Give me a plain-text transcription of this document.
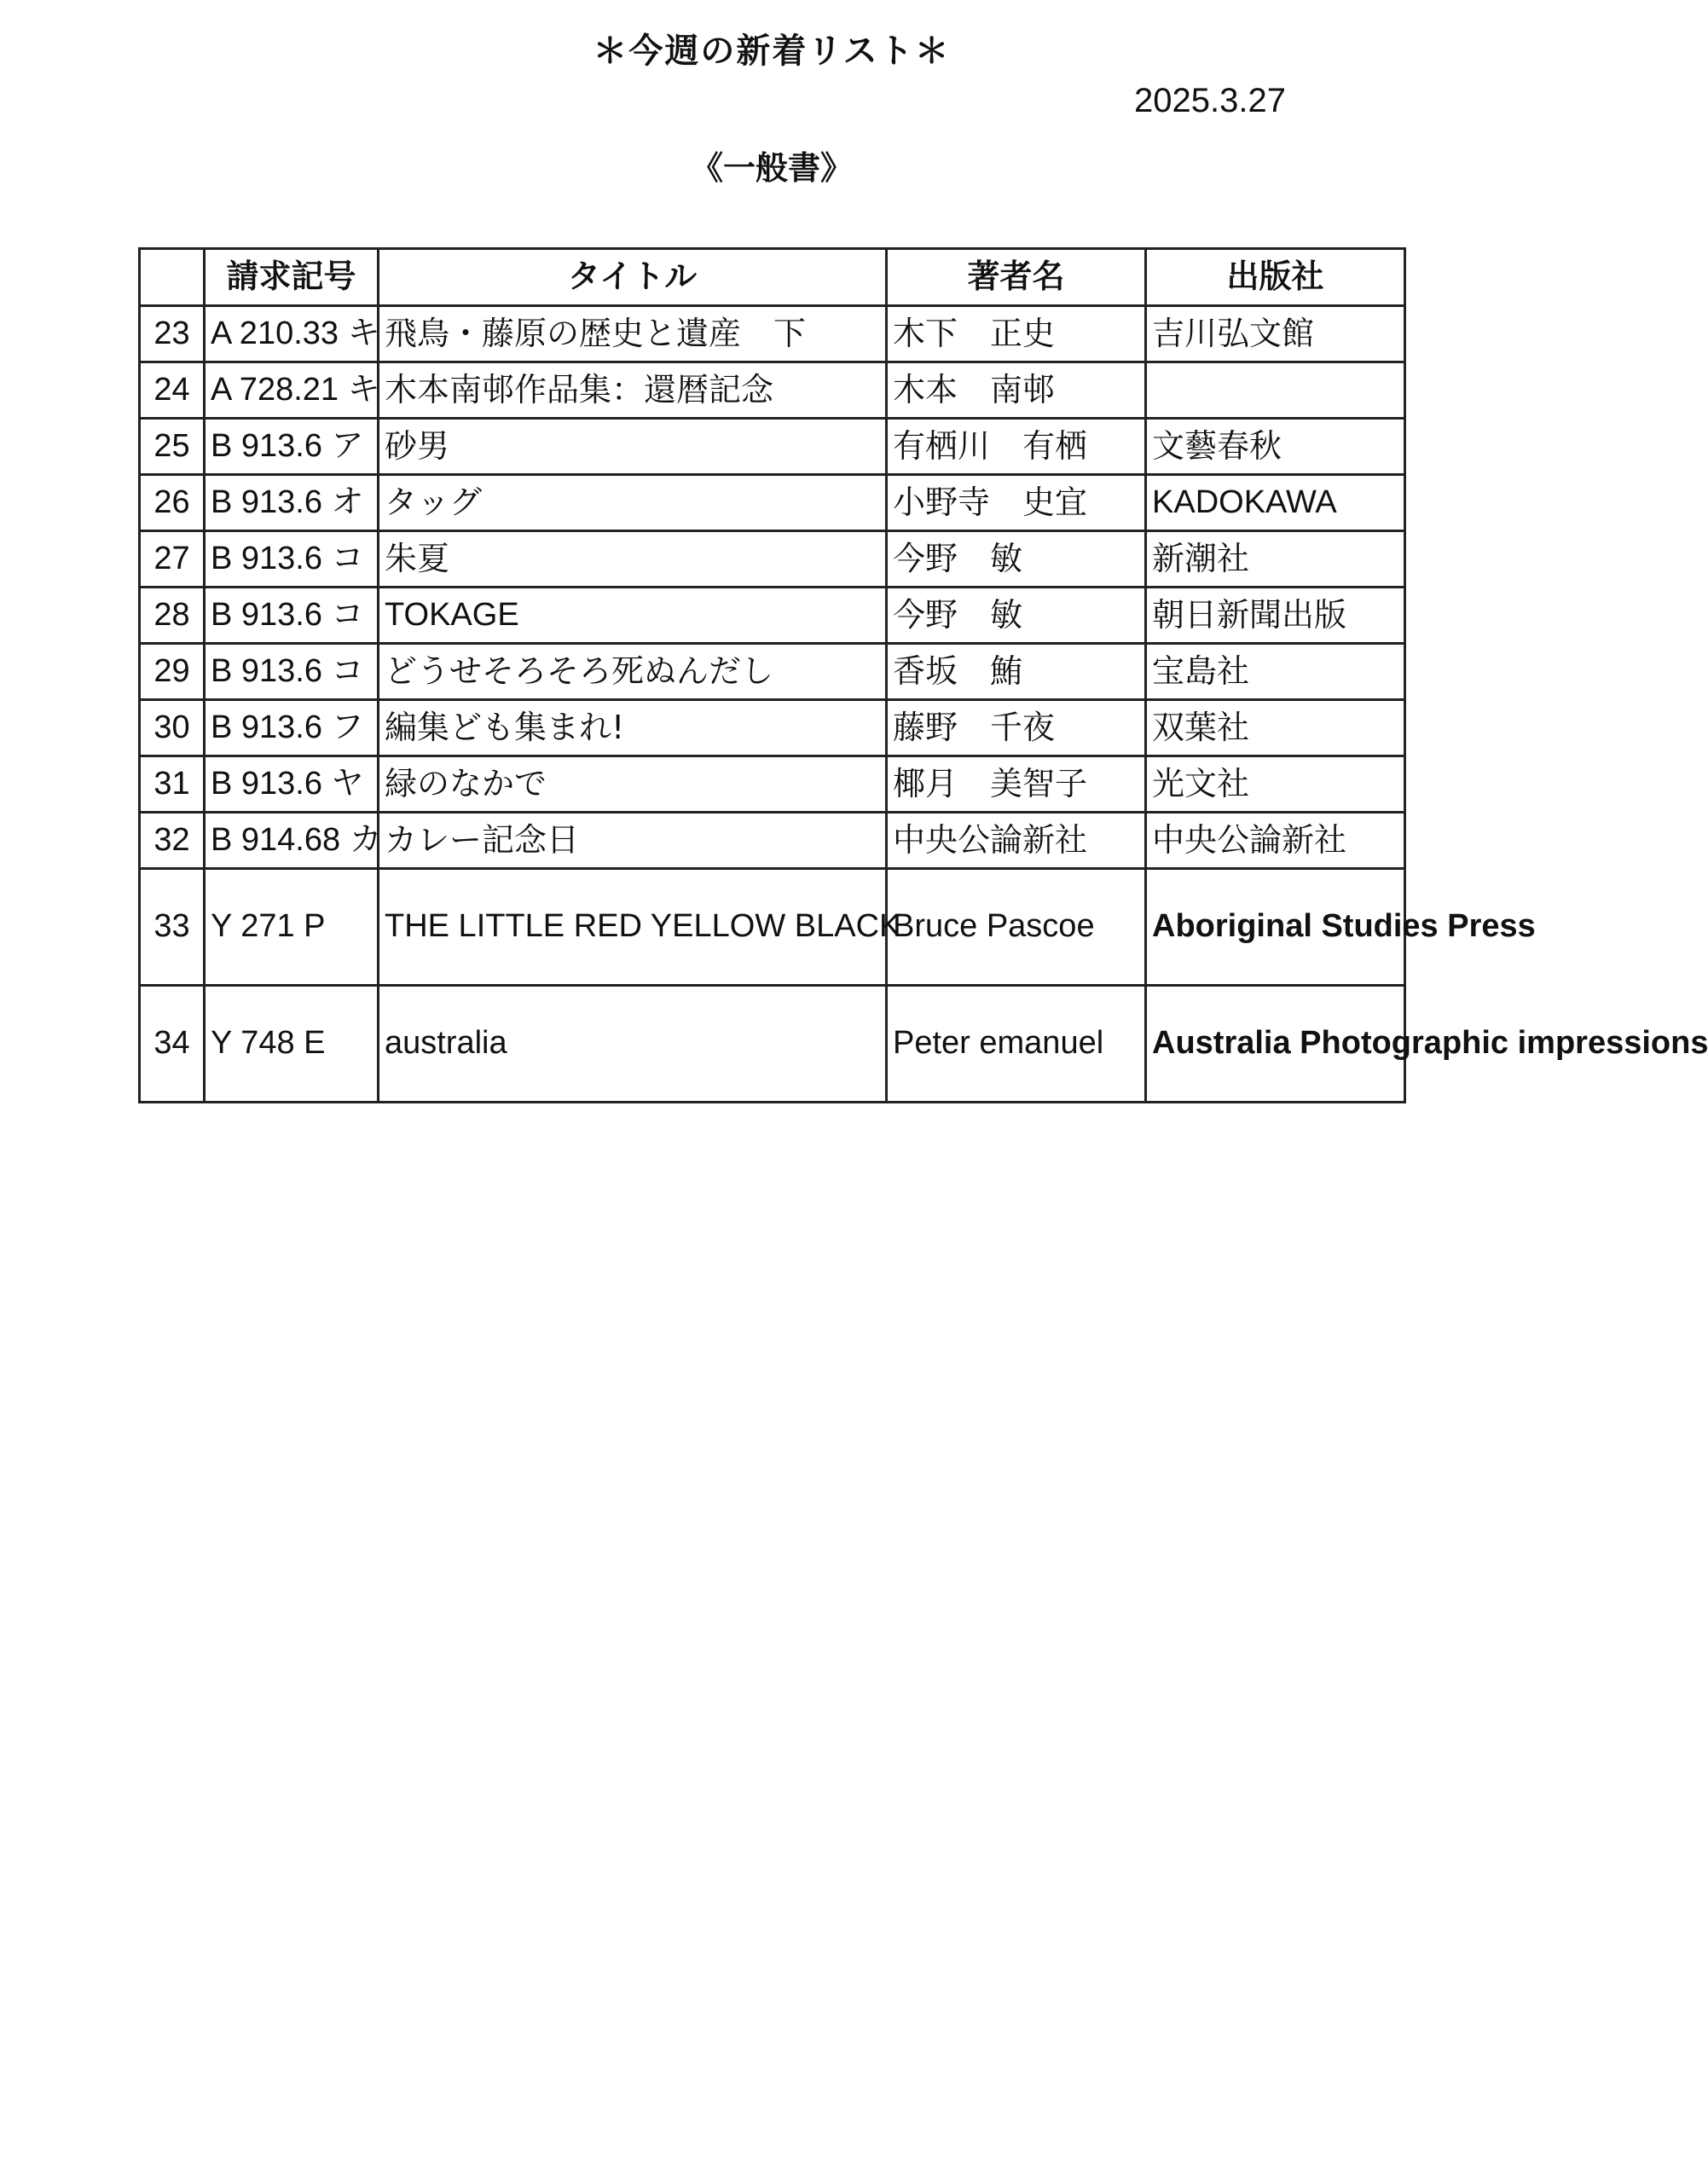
＊今週の新着リスト＊
2025.3.27
《一般書》
	請求記号	タイトル	著者名	出版社
23	A 210.33 キ	飛鳥・藤原の歴史と遺産　下	木下　正史	吉川弘文館
24	A 728.21 キ	木本南邨作品集：還暦記念	木本　南邨	
25	B 913.6 ア	砂男	有栖川　有栖	文藝春秋
26	B 913.6 オ	タッグ	小野寺　史宜	KADOKAWA
27	B 913.6 コ	朱夏	今野　敏	新潮社
28	B 913.6 コ	TOKAGE	今野　敏	朝日新聞出版
29	B 913.6 コ	どうせそろそろ死ぬんだし	香坂　鮪	宝島社
30	B 913.6 フ	編集ども集まれ!	藤野　千夜	双葉社
31	B 913.6 ヤ	緑のなかで	椰月　美智子	光文社
32	B 914.68 カ	カレー記念日	中央公論新社	中央公論新社
33	Y 271 P	THE LITTLE RED YELLOW BLACK	Bruce Pascoe	Aboriginal Studies Press
34	Y 748 E	australia	Peter emanuel	Australia Photographic impressions
